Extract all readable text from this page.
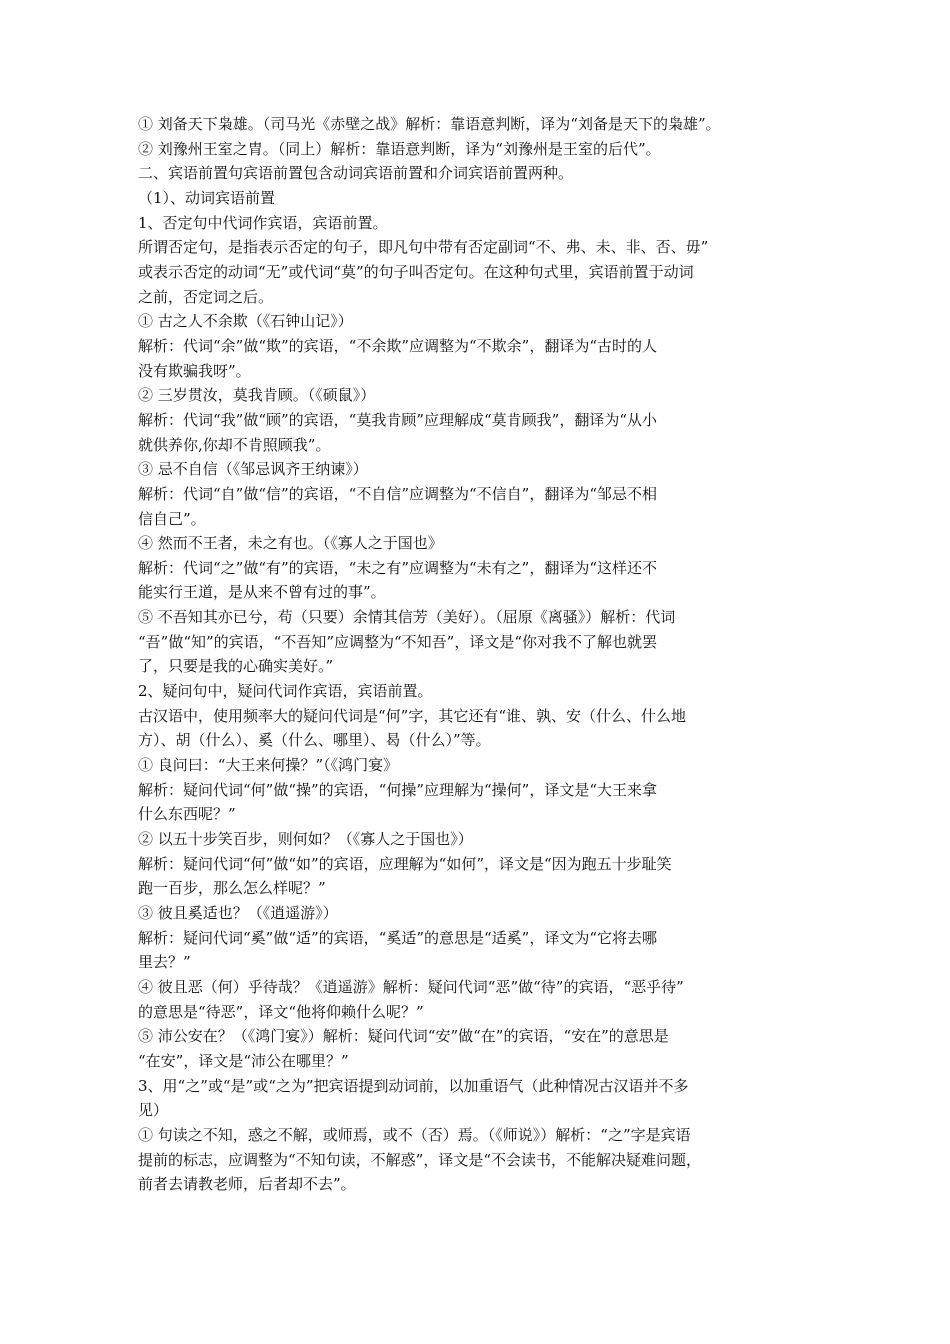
① 刘备天下枭雄。（司马光《赤壁之战》解析：靠语意判断，译为“刘备是天下的枭雄”。
② 刘豫州王室之胄。（同上）解析：靠语意判断，译为“刘豫州是王室的后代”。
二、宾语前置句宾语前置包含动词宾语前置和介词宾语前置两种。
（1）、动词宾语前置
1、否定句中代词作宾语，宾语前置。
所谓否定句，是指表示否定的句子，即凡句中带有否定副词“不、弗、未、非、否、毋”
或表示否定的动词“无”或代词“莫”的句子叫否定句。在这种句式里，宾语前置于动词
之前，否定词之后。
① 古之人不余欺（《石钟山记》）
解析：代词“余”做“欺”的宾语，“不余欺”应调整为“不欺余”，翻译为“古时的人
没有欺骗我呀”。
② 三岁贯汝，莫我肯顾。（《硕鼠》）
解析：代词“我”做“顾”的宾语，“莫我肯顾”应理解成“莫肯顾我”，翻译为“从小
就供养你,你却不肯照顾我”。
③ 忌不自信（《邹忌讽齐王纳谏》）
解析：代词“自”做“信”的宾语，“不自信”应调整为“不信自”，翻译为“邹忌不相
信自己”。
④ 然而不王者，未之有也。（《寡人之于国也》
解析：代词“之”做“有”的宾语，“未之有”应调整为“未有之”，翻译为“这样还不
能实行王道，是从来不曾有过的事”。
⑤ 不吾知其亦已兮，苟（只要）余情其信芳（美好）。（屈原《离骚》）解析：代词
“吾”做“知”的宾语，“不吾知”应调整为“不知吾”，译文是“你对我不了解也就罢
了，只要是我的心确实美好。”
2、疑问句中，疑问代词作宾语，宾语前置。
古汉语中，使用频率大的疑问代词是“何”字，其它还有“谁、孰、安（什么、什么地
方）、胡（什么）、奚（什么、哪里）、曷（什么）”等。
① 良问曰：“大王来何操？”（《鸿门宴》
解析：疑问代词“何”做“操”的宾语，“何操”应理解为“操何”，译文是“大王来拿
什么东西呢？”
② 以五十步笑百步，则何如？（《寡人之于国也》）
解析：疑问代词“何”做“如”的宾语，应理解为“如何”，译文是“因为跑五十步耻笑
跑一百步，那么怎么样呢？”
③ 彼且奚适也？（《逍遥游》）
解析：疑问代词“奚”做“适”的宾语，“奚适”的意思是“适奚”，译文为“它将去哪
里去？”
④ 彼且恶（何）乎待哉？《逍遥游》解析：疑问代词“恶”做“待”的宾语，“恶乎待”
的意思是“待恶”，译文“他将仰赖什么呢？”
⑤ 沛公安在？（《鸿门宴》）解析：疑问代词“安”做“在”的宾语，“安在”的意思是
“在安”，译文是“沛公在哪里？”
3、用“之”或“是”或“之为”把宾语提到动词前，以加重语气（此种情况古汉语并不多
见）
① 句读之不知，惑之不解，或师焉，或不（否）焉。（《师说》）解析：“之”字是宾语
提前的标志，应调整为“不知句读，不解惑”，译文是“不会读书，不能解决疑难问题，
前者去请教老师，后者却不去”。
